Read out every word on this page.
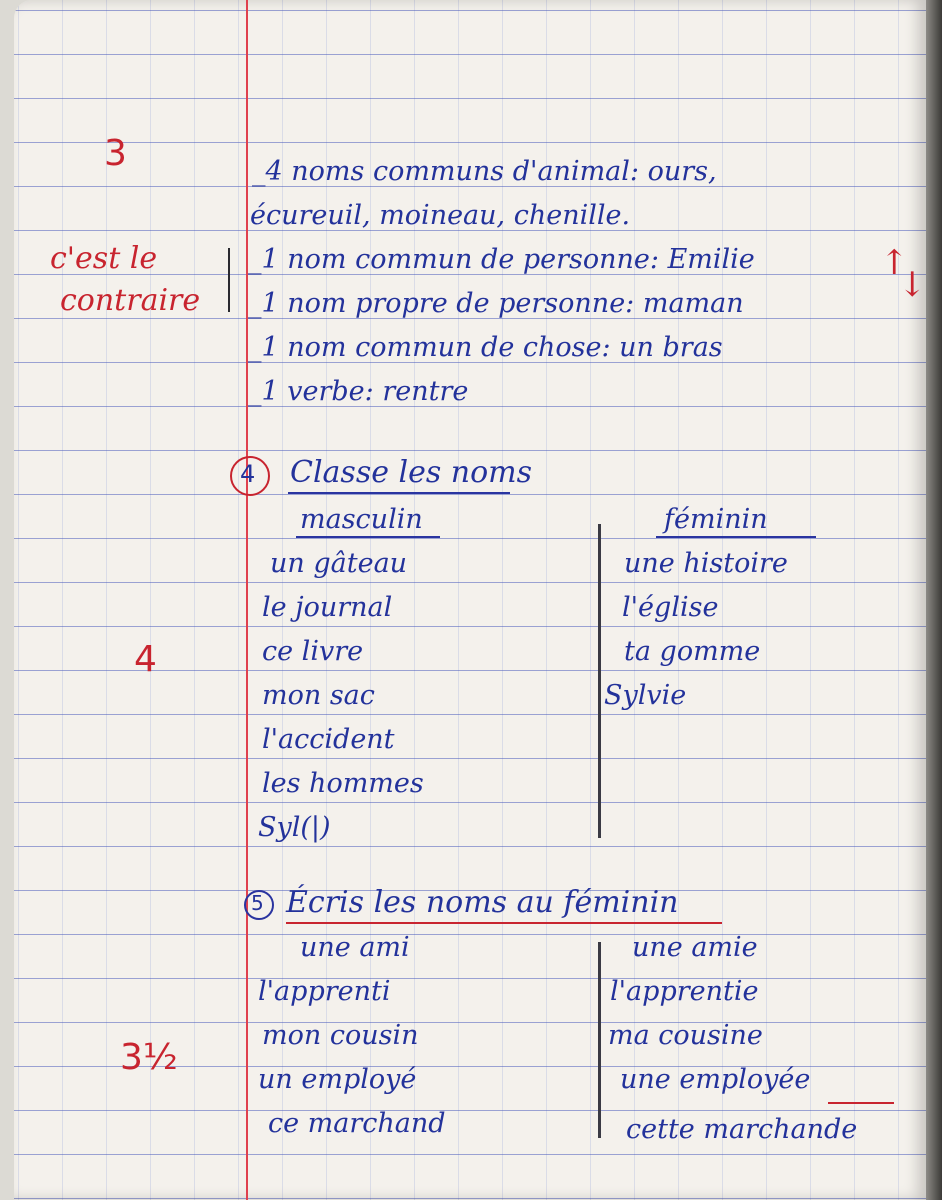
3
c'est le
contraire
4
3½
_4 noms communs d'animal: ours,
écureuil, moineau, chenille.
_1 nom commun de personne: Emilie
_1 nom propre de personne: maman
_1 nom commun de chose: un bras
_1 verbe: rentre
↑
↓
4 Classe les noms
masculin	féminin
un gâteau
le journal
ce livre
mon sac
l'accident
les hommes
Syl(|)
une histoire
l'église
ta gomme
Sylvie
5 Écris les noms au féminin
une ami
l'apprenti
mon cousin
un employé
ce marchand
une amie
l'apprentie
ma cousine
une employée
cette marchande
